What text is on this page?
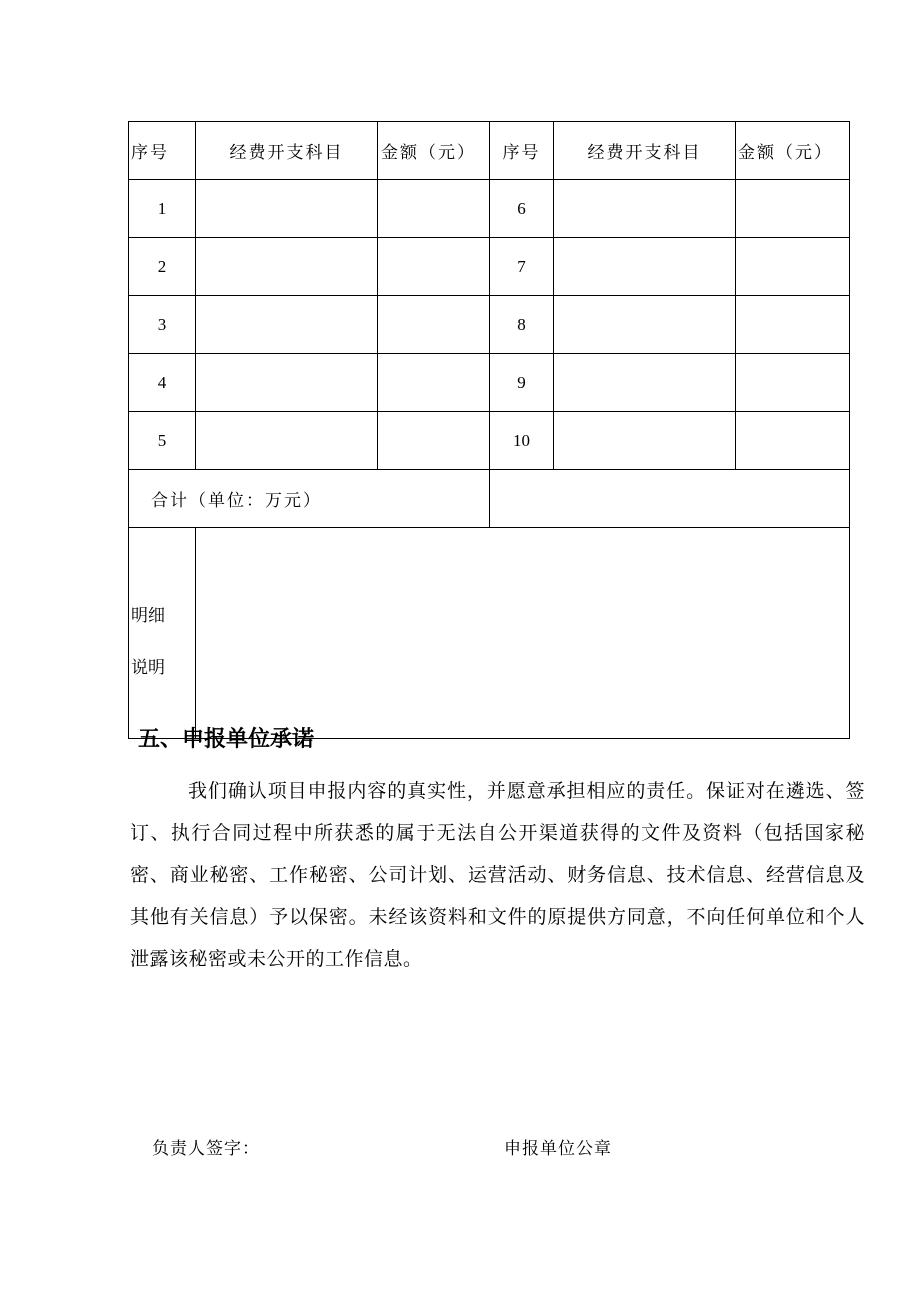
序号	经费开支科目	金额（元）	序号	经费开支科目	金额（元）
1			6		
2			7		
3			8		
4			9		
5			10		
合计（单位：万元）					

明细
说明					

五、申报单位承诺

我们确认项目申报内容的真实性，并愿意承担相应的责任。保证对在遴选、签订、执行合同过程中所获悉的属于无法自公开渠道获得的文件及资料（包括国家秘密、商业秘密、工作秘密、公司计划、运营活动、财务信息、技术信息、经营信息及其他有关信息）予以保密。未经该资料和文件的原提供方同意，不向任何单位和个人泄露该秘密或未公开的工作信息。

负责人签字：	申报单位公章
